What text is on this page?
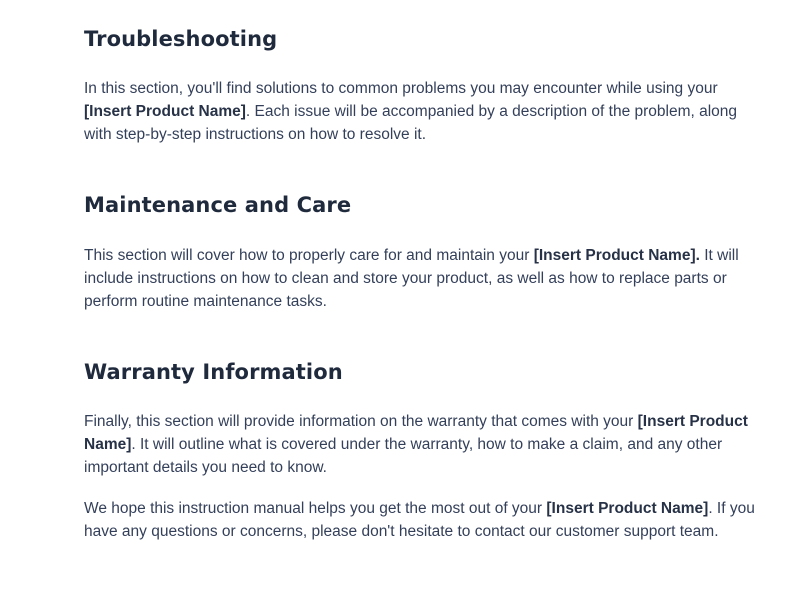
Troubleshooting

In this section, you'll find solutions to common problems you may encounter while using your [Insert Product Name]. Each issue will be accompanied by a description of the problem, along with step-by-step instructions on how to resolve it.

Maintenance and Care

This section will cover how to properly care for and maintain your [Insert Product Name]. It will include instructions on how to clean and store your product, as well as how to replace parts or perform routine maintenance tasks.

Warranty Information

Finally, this section will provide information on the warranty that comes with your [Insert Product Name]. It will outline what is covered under the warranty, how to make a claim, and any other important details you need to know.

We hope this instruction manual helps you get the most out of your [Insert Product Name]. If you have any questions or concerns, please don't hesitate to contact our customer support team.
